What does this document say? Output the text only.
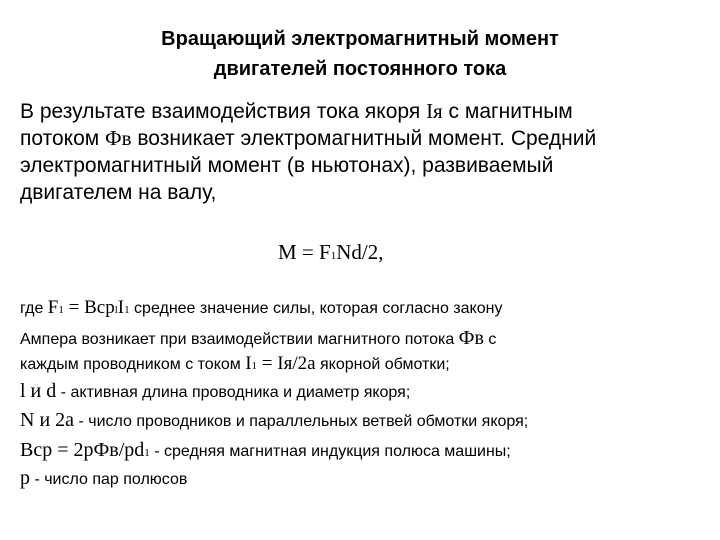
Вращающий электромагнитный момент
двигателей постоянного тока
В результате взаимодействия тока якоря Iя с магнитным
потоком Фв возникает электромагнитный момент. Средний
электромагнитный момент (в ньютонах), развиваемый
двигателем на валу,
M = F1Nd/2,
где F1 = BсрlI1 среднее значение силы, которая согласно закону
Ампера возникает при взаимодействии магнитного потока Фв с
каждым проводником с током I1 = Iя/2а якорной обмотки;
l и d - активная длина проводника и диаметр якоря;
N и 2а - число проводников и параллельных ветвей обмотки якоря;
Bср = 2рФв/pd1 - средняя магнитная индукция полюса машины;
p - число пар полюсов
